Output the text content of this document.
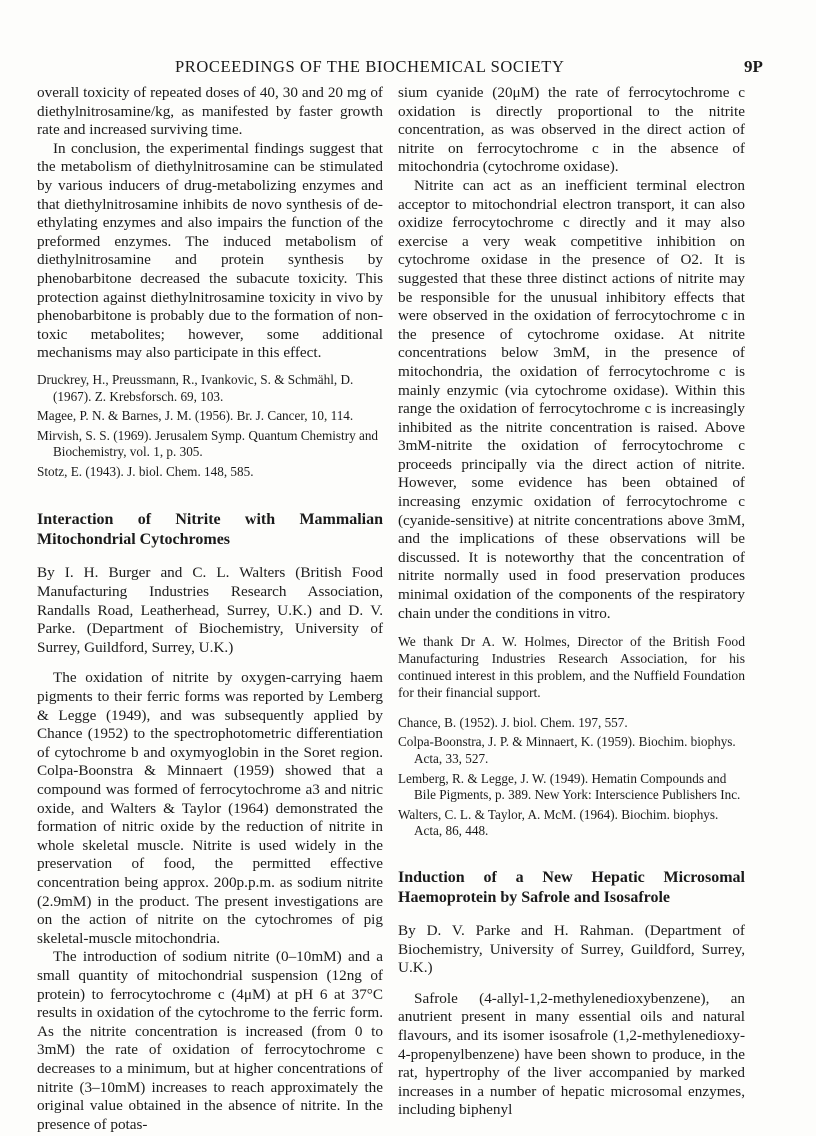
PROCEEDINGS OF THE BIOCHEMICAL SOCIETY	9P

overall toxicity of repeated doses of 40, 30 and 20 mg of diethylnitrosamine/kg, as manifested by faster growth rate and increased surviving time.

In conclusion, the experimental findings suggest that the metabolism of diethylnitrosamine can be stimulated by various inducers of drug-metabolizing enzymes and that diethylnitrosamine inhibits de novo synthesis of de-ethylating enzymes and also impairs the function of the preformed enzymes. The induced metabolism of diethylnitrosamine and protein synthesis by phenobarbitone decreased the subacute toxicity. This protection against diethylnitrosamine toxicity in vivo by phenobarbitone is probably due to the formation of non-toxic metabolites; however, some additional mechanisms may also participate in this effect.

Druckrey, H., Preussmann, R., Ivankovic, S. & Schmähl, D. (1967). Z. Krebsforsch. 69, 103.

Magee, P. N. & Barnes, J. M. (1956). Br. J. Cancer, 10, 114.

Mirvish, S. S. (1969). Jerusalem Symp. Quantum Chemistry and Biochemistry, vol. 1, p. 305.

Stotz, E. (1943). J. biol. Chem. 148, 585.

Interaction of Nitrite with Mammalian Mitochondrial Cytochromes

By I. H. Burger and C. L. Walters (British Food Manufacturing Industries Research Association, Randalls Road, Leatherhead, Surrey, U.K.) and D. V. Parke. (Department of Biochemistry, University of Surrey, Guildford, Surrey, U.K.)

The oxidation of nitrite by oxygen-carrying haem pigments to their ferric forms was reported by Lemberg & Legge (1949), and was subsequently applied by Chance (1952) to the spectrophotometric differentiation of cytochrome b and oxymyoglobin in the Soret region. Colpa-Boonstra & Minnaert (1959) showed that a compound was formed of ferrocytochrome a3 and nitric oxide, and Walters & Taylor (1964) demonstrated the formation of nitric oxide by the reduction of nitrite in whole skeletal muscle. Nitrite is used widely in the preservation of food, the permitted effective concentration being approx. 200p.p.m. as sodium nitrite (2.9mM) in the product. The present investigations are on the action of nitrite on the cytochromes of pig skeletal-muscle mitochondria.

The introduction of sodium nitrite (0–10mM) and a small quantity of mitochondrial suspension (12ng of protein) to ferrocytochrome c (4μM) at pH 6 at 37°C results in oxidation of the cytochrome to the ferric form. As the nitrite concentration is increased (from 0 to 3mM) the rate of oxidation of ferrocytochrome c decreases to a minimum, but at higher concentrations of nitrite (3–10mM) increases to reach approximately the original value obtained in the absence of nitrite. In the presence of potas-

sium cyanide (20μM) the rate of ferrocytochrome c oxidation is directly proportional to the nitrite concentration, as was observed in the direct action of nitrite on ferrocytochrome c in the absence of mitochondria (cytochrome oxidase).

Nitrite can act as an inefficient terminal electron acceptor to mitochondrial electron transport, it can also oxidize ferrocytochrome c directly and it may also exercise a very weak competitive inhibition on cytochrome oxidase in the presence of O2. It is suggested that these three distinct actions of nitrite may be responsible for the unusual inhibitory effects that were observed in the oxidation of ferrocytochrome c in the presence of cytochrome oxidase. At nitrite concentrations below 3mM, in the presence of mitochondria, the oxidation of ferrocytochrome c is mainly enzymic (via cytochrome oxidase). Within this range the oxidation of ferrocytochrome c is increasingly inhibited as the nitrite concentration is raised. Above 3mM-nitrite the oxidation of ferrocytochrome c proceeds principally via the direct action of nitrite. However, some evidence has been obtained of increasing enzymic oxidation of ferrocytochrome c (cyanide-sensitive) at nitrite concentrations above 3mM, and the implications of these observations will be discussed. It is noteworthy that the concentration of nitrite normally used in food preservation produces minimal oxidation of the components of the respiratory chain under the conditions in vitro.

We thank Dr A. W. Holmes, Director of the British Food Manufacturing Industries Research Association, for his continued interest in this problem, and the Nuffield Foundation for their financial support.

Chance, B. (1952). J. biol. Chem. 197, 557.

Colpa-Boonstra, J. P. & Minnaert, K. (1959). Biochim. biophys. Acta, 33, 527.

Lemberg, R. & Legge, J. W. (1949). Hematin Compounds and Bile Pigments, p. 389. New York: Interscience Publishers Inc.

Walters, C. L. & Taylor, A. McM. (1964). Biochim. biophys. Acta, 86, 448.

Induction of a New Hepatic Microsomal Haemoprotein by Safrole and Isosafrole

By D. V. Parke and H. Rahman. (Department of Biochemistry, University of Surrey, Guildford, Surrey, U.K.)

Safrole (4-allyl-1,2-methylenedioxybenzene), an anutrient present in many essential oils and natural flavours, and its isomer isosafrole (1,2-methylenedioxy-4-propenylbenzene) have been shown to produce, in the rat, hypertrophy of the liver accompanied by marked increases in a number of hepatic microsomal enzymes, including biphenyl
